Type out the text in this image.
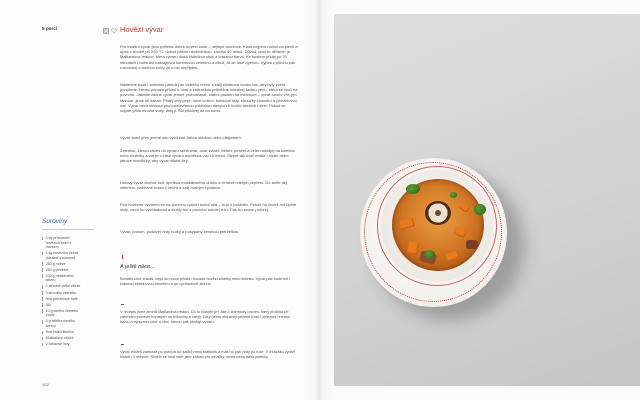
5 porcí	Hovězí vývar

Pro kvalitní vývar jsou potřeba dobré hovězí kosti – nejlépe morkové. Kosti nejprve rozlož na plech a upeč v troubě při 220 °C, dokud pěkně nezhnědnou, zhruba 40 minut. Důvod, proč to děláme, je Maillardova reakce, která vývaru dodá hlubokou chuť a krásnou barvu. Ke kostem přidej po 20 minutách i nahrubo nakrájenou kořenovou zeleninu a cibuli, ať se také opečou. Výpek z plechu pak rozmíchej s trochou vody, ať o nic nepřijdeš.

Následně kosti i zeleninu přendej do velkého hrnce a zalij studenou vodou tak, aby byly zcela ponořené. Hrnec pomalu přiveď k varu a sběračkou průběžně odebírej šedou pěnu, která se tvoří na povrchu. Jakmile začne vývar jemně probublávat, stáhni plamen na minimum – vývar nesmí vřít, jen táhnout, jinak se zakalí. Přidej celý pepř, nové koření, bobkové listy, stroužky česneku a petrželovou nať. Vývar nech táhnout pod pootevřenou pokličkou alespoň 6 hodin, ideálně i déle. Pokud se odpaří příliš mnoho vody, dolij ji. Sůl přidávej až na konci.

Vývar sceď přes jemné síto vyložené čistou utěrkou nebo plátýnkem.

Zeleninu, kterou chceš do vývaru servírovat, uvař zvlášť. Mrkev, petržel a celer nakrájej na kolečka nebo kostičky a vař je v části vývaru doměkka, asi 10 minut. Stejně tak uvař zvlášť i nudle nebo játrové knedlíčky, aby vývar zůstal čirý.

Hotový vývar dochuť solí, špetkou muškátového oříšku a čerstvě mletým pepřem. Do talíře dej zeleninu, natrhané maso z žebra a zalij horkým vývarem.

Pod hovězím vývarem se na povrchu vytvoří tučná oka – to je v pořádku. Pokud ho chceš mít úplně čistý, nech ho vychladnout a ztuhlý tuk z povrchu sundej lžící. Pak ho znovu prohřej.

Vývar, prosím, podávej vždy horký a posypaný čerstvou petrželkou.

A ještě něco...

Bohatší chuť získáš, když do hrnce přidáš i kousek hovězí oháňky nebo kolínka. Vývar pak bude mít i krásnou želatinovou strukturu a po vychladnutí ztuhne.

V receptu jsme zmínili Maillardovu reakci. Co to vlastně je? Jde o chemický proces, který probíhá při zahřívání potravin bohatých na bílkoviny a cukry. Díky němu získávají pečené kosti i zelenina hnědou barvu a výraznou chuť a vůni, kterou pak předají vývaru.

Vývar můžeš zamrazit po porcích do sáčků nebo krabiček a máš ho pak vždy po ruce. V mrazáku vydrží klidně i 3 měsíce. Skvěle se hodí také jako základ pro omáčky, rizota nebo další polévky.

Suroviny
2 kg přírodních hovězích kostí s morkem
1 kg hovězího žebra (ideálně s masem)
250 g mrkve
250 g petržele
100 g mraženého celeru
2 středně velké cibule
3 stroužky česneku
Hrst petrželové natě
Sůl
10 g celého černého pepře
5 g celého nového koření
Hrst lístků libečku
Muškátový oříšek
2 bobkové listy
102
